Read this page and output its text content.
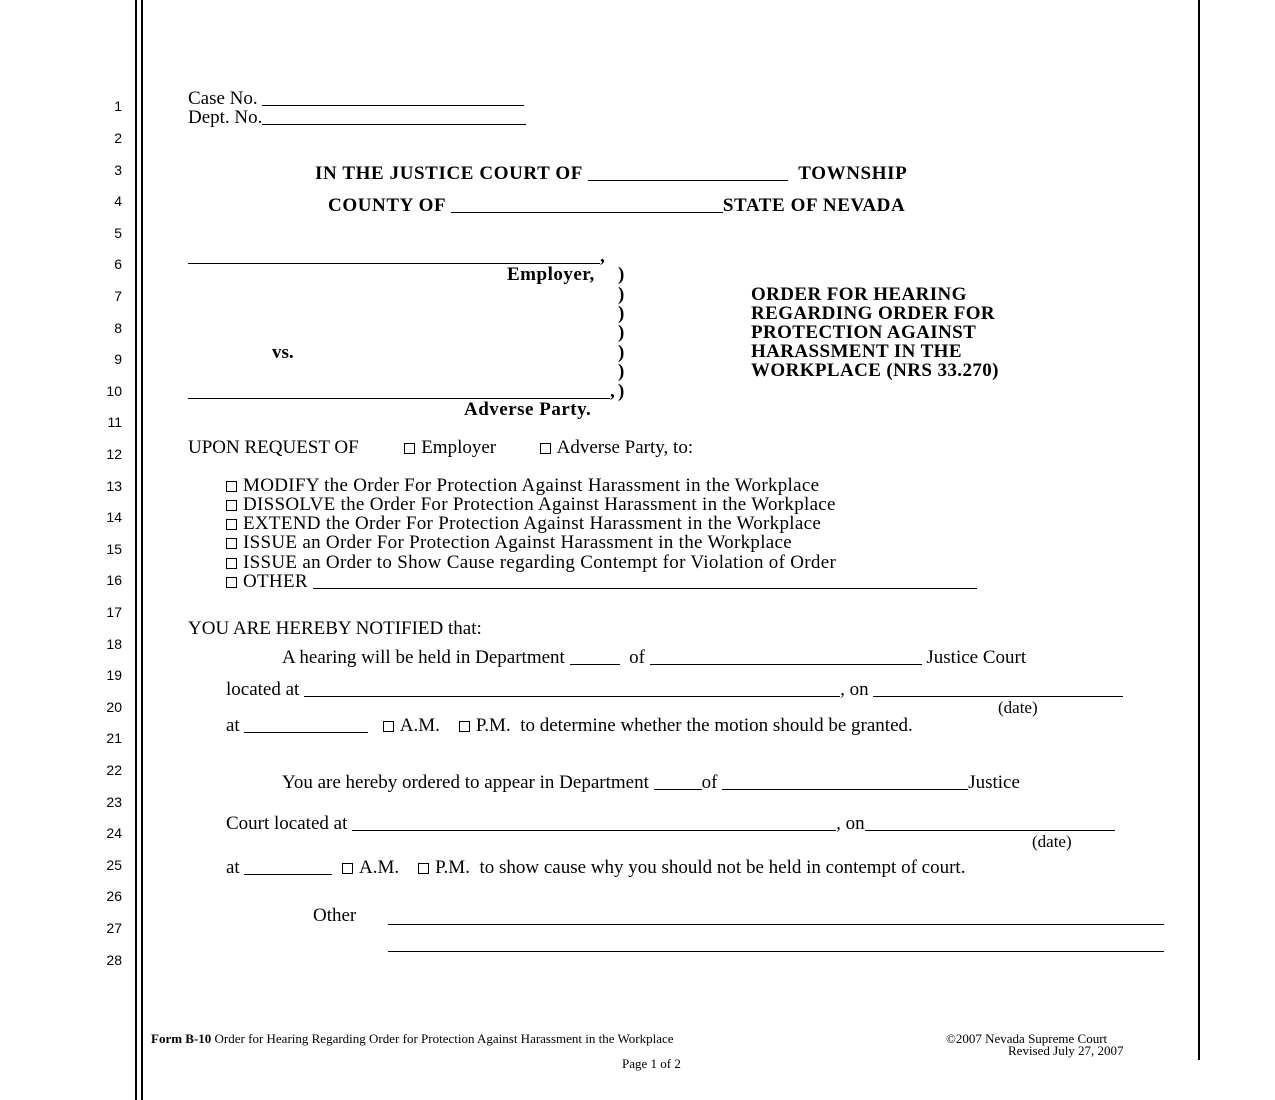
1
2
3
4
5
6
7
8
9
10
11
12
13
14
15
16
17
18
19
20
21
22
23
24
25
26
27
28
Case No.
Dept. No.
IN THE JUSTICE COURT OF	TOWNSHIP
COUNTY OF	STATE OF NEVADA
,
Employer, )
)
)
)
)
)
)
vs.
,
Adverse Party.
ORDER FOR HEARING
REGARDING ORDER FOR
PROTECTION AGAINST
HARASSMENT IN THE
WORKPLACE (NRS 33.270)
UPON REQUEST OF	Employer	Adverse Party, to:
MODIFY the Order For Protection Against Harassment in the Workplace
DISSOLVE the Order For Protection Against Harassment in the Workplace
EXTEND the Order For Protection Against Harassment in the Workplace
ISSUE an Order For Protection Against Harassment in the Workplace
ISSUE an Order to Show Cause regarding Contempt for Violation of Order
OTHER
YOU ARE HEREBY NOTIFIED that:
A hearing will be held in Department	of	Justice Court
located at	, on
(date)
at	A.M. P.M. to determine whether the motion should be granted.
You are hereby ordered to appear in Department	of	Justice
Court located at	, on
(date)
at	A.M. P.M. to show cause why you should not be held in contempt of court.
Other
Form B-10 Order for Hearing Regarding Order for Protection Against Harassment in the Workplace	©2007 Nevada Supreme Court
Revised July 27, 2007
Page 1 of 2
